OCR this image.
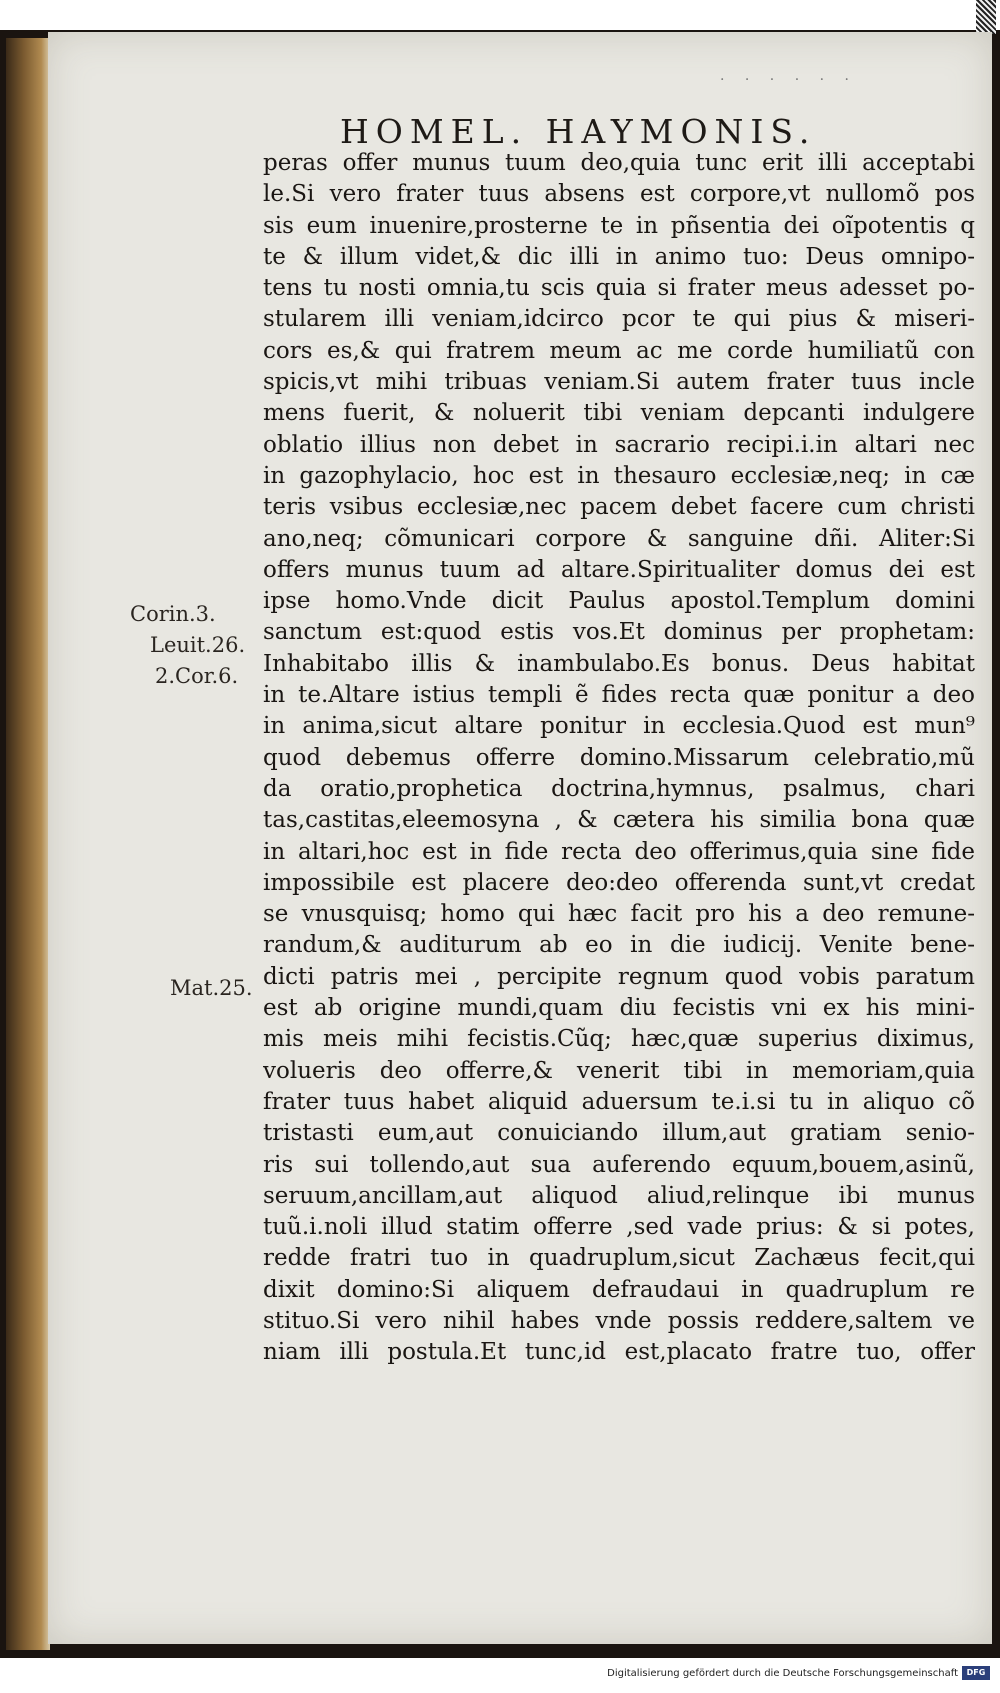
· · · · · ·
HOMEL. HAYMONIS.
Corin.3.
Leuit.26.
2.Cor.6.
Mat.25.
peras offer munus tuum deo,quia tunc erit illi acceptabi
le.Si vero frater tuus absens est corpore,vt nullomõ pos
sis eum inuenire,prosterne te in pñsentia dei oĩpotentis q
te & illum videt,& dic illi in animo tuo: Deus omnipo-
tens tu nosti omnia,tu scis quia si frater meus adesset po-
stularem illi veniam,idcirco pcor te qui pius & miseri-
cors es,& qui fratrem meum ac me corde humiliatũ con
spicis,vt mihi tribuas veniam.Si autem frater tuus incle
mens fuerit, & noluerit tibi veniam depcanti indulgere
oblatio illius non debet in sacrario recipi.i.in altari nec
in gazophylacio, hoc est in thesauro ecclesiæ,neq; in cæ
teris vsibus ecclesiæ,nec pacem debet facere cum christi
ano,neq; cõmunicari corpore & sanguine dñi. Aliter:Si
offers munus tuum ad altare.Spiritualiter domus dei est
ipse homo.Vnde dicit Paulus apostol.Templum domini
sanctum est:quod estis vos.Et dominus per prophetam:
Inhabitabo illis & inambulabo.Es bonus. Deus habitat
in te.Altare istius templi ẽ fides recta quæ ponitur a deo
in anima,sicut altare ponitur in ecclesia.Quod est mun⁹
quod debemus offerre domino.Missarum celebratio,mũ
da oratio,prophetica doctrina,hymnus, psalmus, chari
tas,castitas,eleemosyna , & cætera his similia bona quæ
in altari,hoc est in fide recta deo offerimus,quia sine fide
impossibile est placere deo:deo offerenda sunt,vt credat
se vnusquisq; homo qui hæc facit pro his a deo remune-
randum,& auditurum ab eo in die iudicij. Venite bene-
dicti patris mei , percipite regnum quod vobis paratum
est ab origine mundi,quam diu fecistis vni ex his mini-
mis meis mihi fecistis.Cũq; hæc,quæ superius diximus,
volueris deo offerre,& venerit tibi in memoriam,quia
frater tuus habet aliquid aduersum te.i.si tu in aliquo cõ
tristasti eum,aut conuiciando illum,aut gratiam senio-
ris sui tollendo,aut sua auferendo equum,bouem,asinũ,
seruum,ancillam,aut aliquod aliud,relinque ibi munus
tuũ.i.noli illud statim offerre ,sed vade prius: & si potes,
redde fratri tuo in quadruplum,sicut Zachæus fecit,qui
dixit domino:Si aliquem defraudaui in quadruplum re
stituo.Si vero nihil habes vnde possis reddere,saltem ve
niam illi postula.Et tunc,id est,placato fratre tuo, offer
Digitalisierung gefördert durch die Deutsche Forschungsgemeinschaft	DFG
